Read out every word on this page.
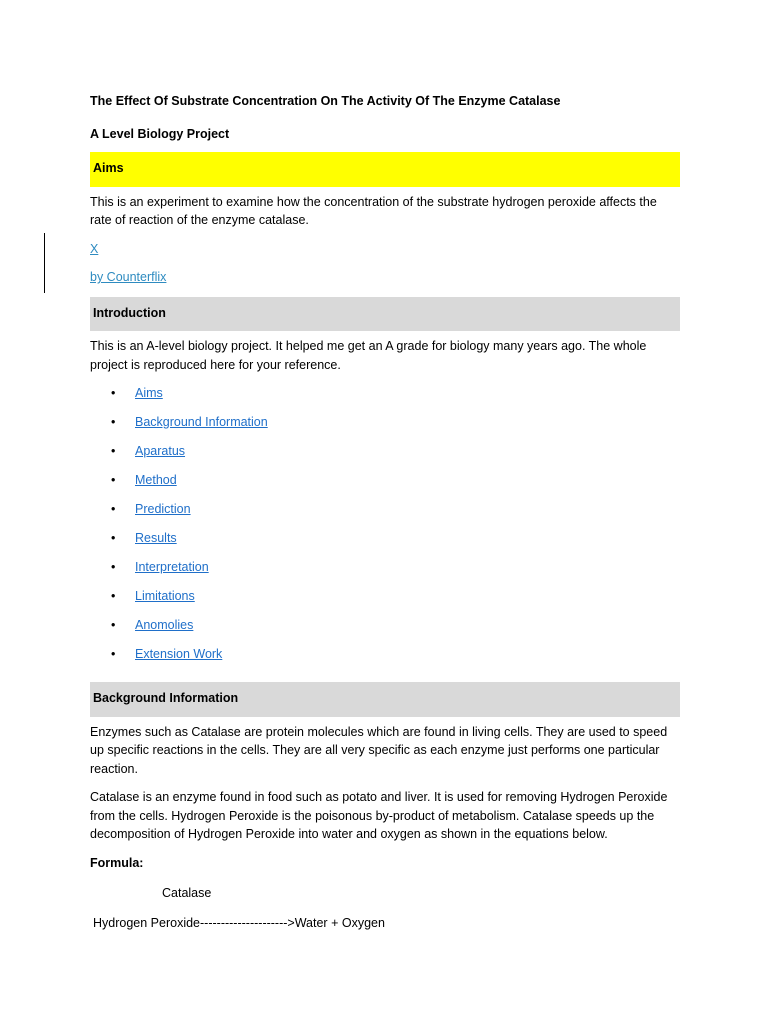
The Effect Of Substrate Concentration On The Activity Of The Enzyme Catalase
A Level Biology Project
Aims

This is an experiment to examine how the concentration of the substrate hydrogen peroxide affects the rate of reaction of the enzyme catalase.

X
by Counterflix
Introduction

This is an A-level biology project. It helped me get an A grade for biology many years ago. The whole project is reproduced here for your reference.

• Aims
• Background Information
• Aparatus
• Method
• Prediction
• Results
• Interpretation
• Limitations
• Anomolies
• Extension Work
Background Information

Enzymes such as Catalase are protein molecules which are found in living cells. They are used to speed up specific reactions in the cells. They are all very specific as each enzyme just performs one particular reaction.

Catalase is an enzyme found in food such as potato and liver. It is used for removing Hydrogen Peroxide from the cells. Hydrogen Peroxide is the poisonous by-product of metabolism. Catalase speeds up the decomposition of Hydrogen Peroxide into water and oxygen as shown in the equations below.

Formula:
Catalase
Hydrogen Peroxide--------------------->Water + Oxygen
